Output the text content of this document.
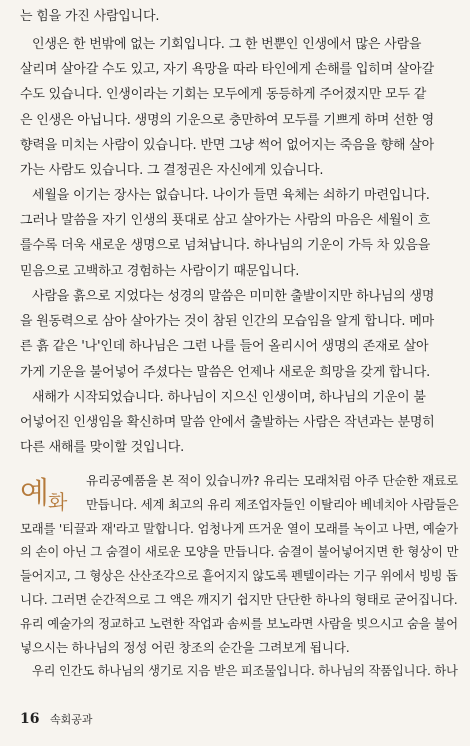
는 힘을 가진 사람입니다.

인생은 한 번밖에 없는 기회입니다. 그 한 번뿐인 인생에서 많은 사람을
살리며 살아갈 수도 있고, 자기 욕망을 따라 타인에게 손해를 입히며 살아갈
수도 있습니다. 인생이라는 기회는 모두에게 동등하게 주어졌지만 모두 같
은 인생은 아닙니다. 생명의 기운으로 충만하여 모두를 기쁘게 하며 선한 영
향력을 미치는 사람이 있습니다. 반면 그냥 썩어 없어지는 죽음을 향해 살아
가는 사람도 있습니다. 그 결정권은 자신에게 있습니다.

세월을 이기는 장사는 없습니다. 나이가 들면 육체는 쇠하기 마련입니다.
그러나 말씀을 자기 인생의 푯대로 삼고 살아가는 사람의 마음은 세월이 흐
를수록 더욱 새로운 생명으로 넘쳐납니다. 하나님의 기운이 가득 차 있음을
믿음으로 고백하고 경험하는 사람이기 때문입니다.

사람을 흙으로 지었다는 성경의 말씀은 미미한 출발이지만 하나님의 생명
을 원동력으로 삼아 살아가는 것이 참된 인간의 모습임을 알게 합니다. 메마
른 흙 같은 '나'인데 하나님은 그런 나를 들어 올리시어 생명의 존재로 살아
가게 기운을 불어넣어 주셨다는 말씀은 언제나 새로운 희망을 갖게 합니다.

새해가 시작되었습니다. 하나님이 지으신 인생이며, 하나님의 기운이 불
어넣어진 인생임을 확신하며 말씀 안에서 출발하는 사람은 작년과는 분명히
다른 새해를 맞이할 것입니다.

예 화

유리공예품을 본 적이 있습니까? 유리는 모래처럼 아주 단순한 재료로
만듭니다. 세계 최고의 유리 제조업자들인 이탈리아 베네치아 사람들은
모래를 '티끌과 재'라고 말합니다. 엄청나게 뜨거운 열이 모래를 녹이고 나면, 예술가
의 손이 아닌 그 숨결이 새로운 모양을 만듭니다. 숨결이 불어넣어지면 한 형상이 만
들어지고, 그 형상은 산산조각으로 흩어지지 않도록 펜텔이라는 기구 위에서 빙빙 돕
니다. 그러면 순간적으로 그 액은 깨지기 쉽지만 단단한 하나의 형태로 굳어집니다.
유리 예술가의 정교하고 노련한 작업과 솜씨를 보노라면 사람을 빚으시고 숨을 불어
넣으시는 하나님의 정성 어린 창조의 순간을 그려보게 됩니다.
우리 인간도 하나님의 생기로 지음 받은 피조물입니다. 하나님의 작품입니다. 하나

16 속회공과
